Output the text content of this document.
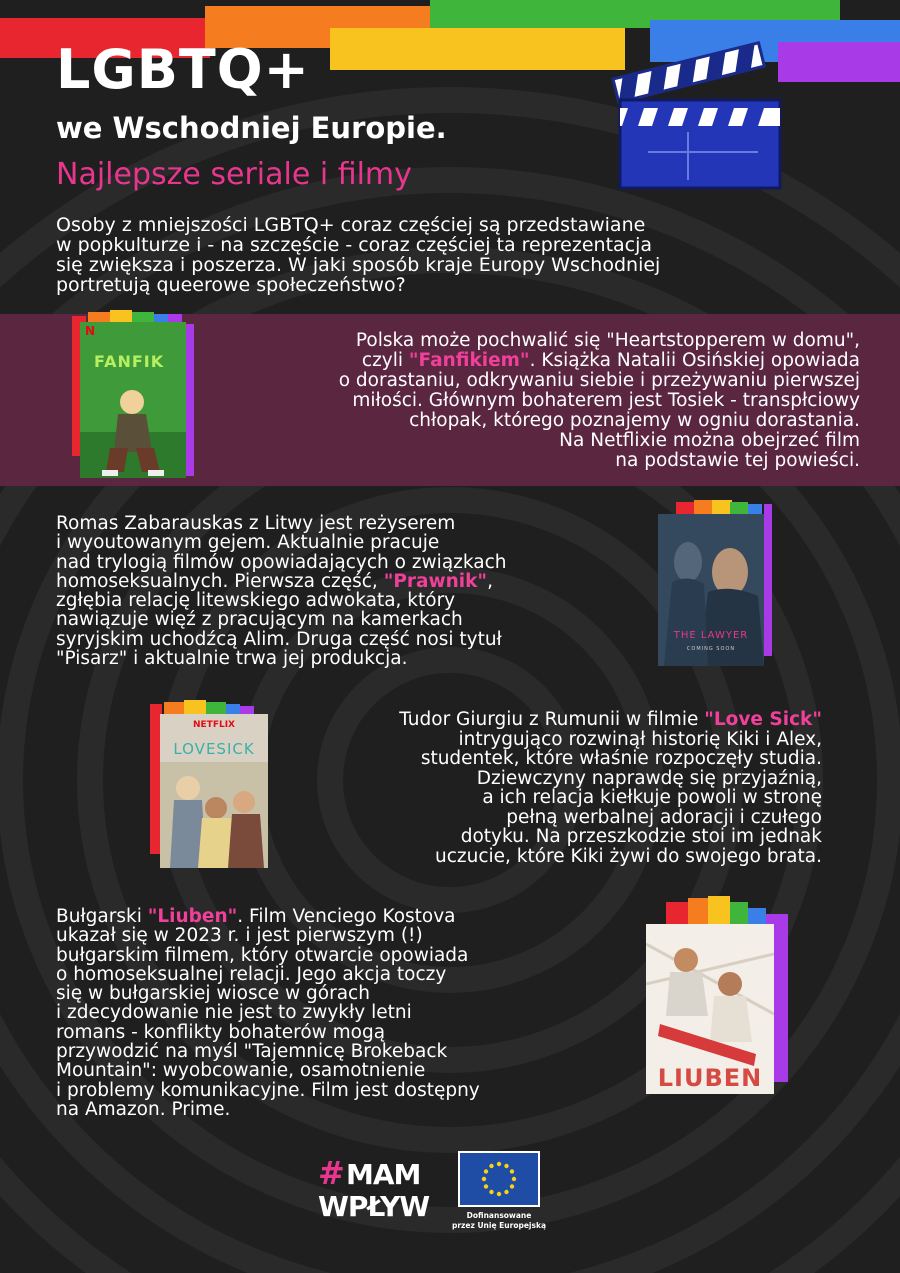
LGBTQ+
we Wschodniej Europie.
Najlepsze seriale i filmy
Osoby z mniejszości LGBTQ+ coraz częściej są przedstawiane
w popkulturze i - na szczęście - coraz częściej ta reprezentacja
się zwiększa i poszerza. W jaki sposób kraje Europy Wschodniej
portretują queerowe społeczeństwo?
N
FANFIK
Polska może pochwalić się "Heartstopperem w domu",
czyli "Fanfikiem". Książka Natalii Osińskiej opowiada
o dorastaniu, odkrywaniu siebie i przeżywaniu pierwszej
miłości. Głównym bohaterem jest Tosiek - transpłciowy
chłopak, którego poznajemy w ogniu dorastania.
Na Netflixie można obejrzeć film
na podstawie tej powieści.
Romas Zabarauskas z Litwy jest reżyserem
i wyoutowanym gejem. Aktualnie pracuje
nad trylogią filmów opowiadających o związkach
homoseksualnych. Pierwsza część, "Prawnik",
zgłębia relację litewskiego adwokata, który
nawiązuje więź z pracującym na kamerkach
syryjskim uchodźcą Alim. Druga część nosi tytuł
"Pisarz" i aktualnie trwa jej produkcja.
THE LAWYER
COMING SOON
NETFLIX
LOVESICK
Tudor Giurgiu z Rumunii w filmie "Love Sick"
intrygująco rozwinął historię Kiki i Alex,
studentek, które właśnie rozpoczęły studia.
Dziewczyny naprawdę się przyjaźnią,
a ich relacja kiełkuje powoli w stronę
pełną werbalnej adoracji i czułego
dotyku. Na przeszkodzie stoi im jednak
uczucie, które Kiki żywi do swojego brata.
Bułgarski "Liuben". Film Venciego Kostova
ukazał się w 2023 r. i jest pierwszym (!)
bułgarskim filmem, który otwarcie opowiada
o homoseksualnej relacji. Jego akcja toczy
się w bułgarskiej wiosce w górach
i zdecydowanie nie jest to zwykły letni
romans - konflikty bohaterów mogą
przywodzić na myśl "Tajemnicę Brokeback
Mountain": wyobcowanie, osamotnienie
i problemy komunikacyjne. Film jest dostępny
na Amazon. Prime.
LIUBEN
# MAM
WPŁYW	Dofinansowane
przez Unię Europejską
